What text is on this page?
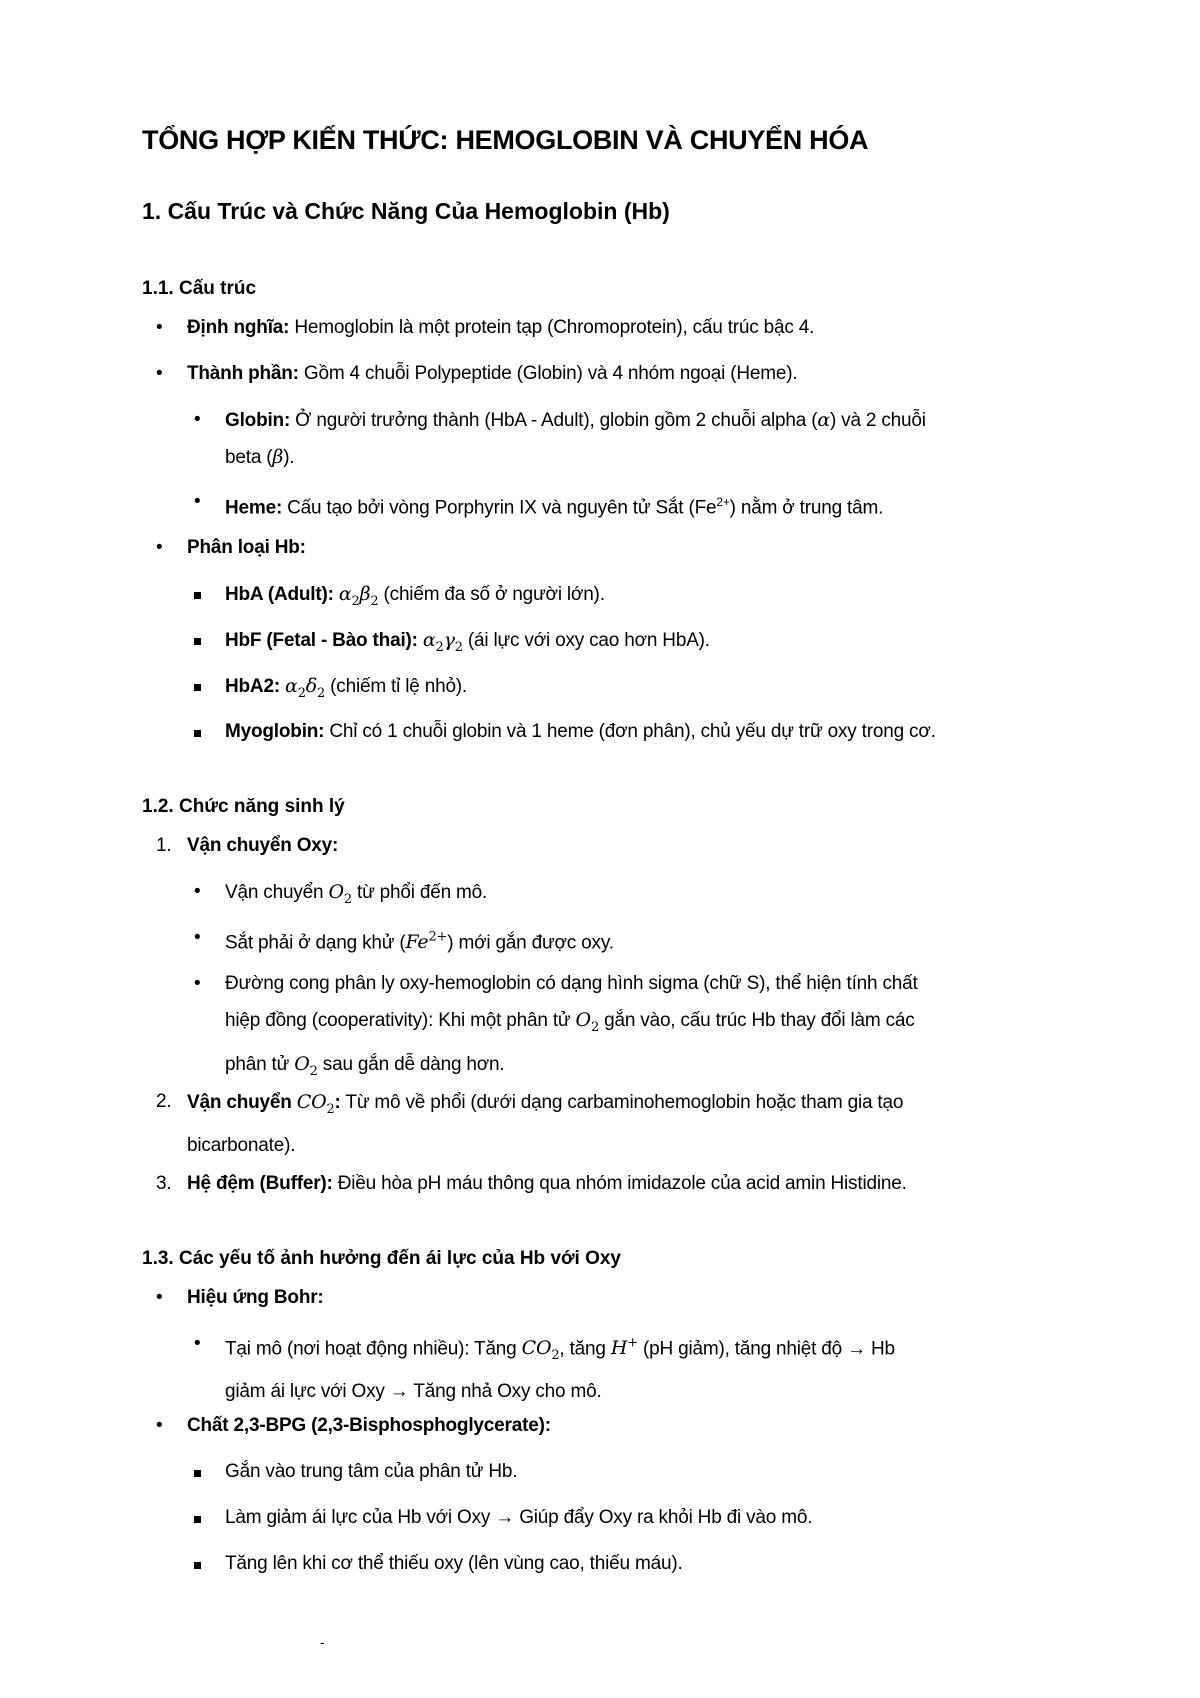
TỔNG HỢP KIẾN THỨC: HEMOGLOBIN VÀ CHUYỂN HÓA
1. Cấu Trúc và Chức Năng Của Hemoglobin (Hb)
1.1. Cấu trúc
•	Định nghĩa: Hemoglobin là một protein tạp (Chromoprotein), cấu trúc bậc 4.
•	Thành phần: Gồm 4 chuỗi Polypeptide (Globin) và 4 nhóm ngoại (Heme).
•	Globin: Ở người trưởng thành (HbA - Adult), globin gồm 2 chuỗi alpha (α) và 2 chuỗi
beta (β).
•	Heme: Cấu tạo bởi vòng Porphyrin IX và nguyên tử Sắt $(Fe^{2+})$ nằm ở trung tâm.
•	Phân loại Hb:
HbA (Adult): $\alpha_2\beta_2$ (chiếm đa số ở người lớn).
HbF (Fetal - Bào thai): $\alpha_2\gamma_2$ (ái lực với oxy cao hơn HbA).
HbA2: $\alpha_2\delta_2$ (chiếm tỉ lệ nhỏ).
Myoglobin: Chỉ có 1 chuỗi globin và 1 heme (đơn phân), chủ yếu dự trữ oxy trong cơ.
1.2. Chức năng sinh lý
1. Vận chuyển Oxy:
•	Vận chuyển $O_2$ từ phổi đến mô.
•	Sắt phải ở dạng khử $(Fe^{2+})$ mới gắn được oxy.
•	Đường cong phân ly oxy-hemoglobin có dạng hình sigma (chữ S), thể hiện tính chất
hiệp đồng (cooperativity): Khi một phân tử $O_2$ gắn vào, cấu trúc Hb thay đổi làm các
phân tử $O_2$ sau gắn dễ dàng hơn.
2. Vận chuyển $CO_2$: Từ mô về phổi (dưới dạng carbaminohemoglobin hoặc tham gia tạo
bicarbonate).
3. Hệ đệm (Buffer): Điều hòa pH máu thông qua nhóm imidazole của acid amin Histidine.
1.3. Các yếu tố ảnh hưởng đến ái lực của Hb với Oxy
•	Hiệu ứng Bohr:
•	Tại mô (nơi hoạt động nhiều): Tăng $CO_2$, tăng H+ (pH giảm), tăng nhiệt độ → Hb
giảm ái lực với Oxy → Tăng nhả Oxy cho mô.
•	Chất 2,3-BPG (2,3-Bisphosphoglycerate):
Gắn vào trung tâm của phân tử Hb.
Làm giảm ái lực của Hb với Oxy → Giúp đẩy Oxy ra khỏi Hb đi vào mô.
Tăng lên khi cơ thể thiếu oxy (lên vùng cao, thiếu máu).
-
